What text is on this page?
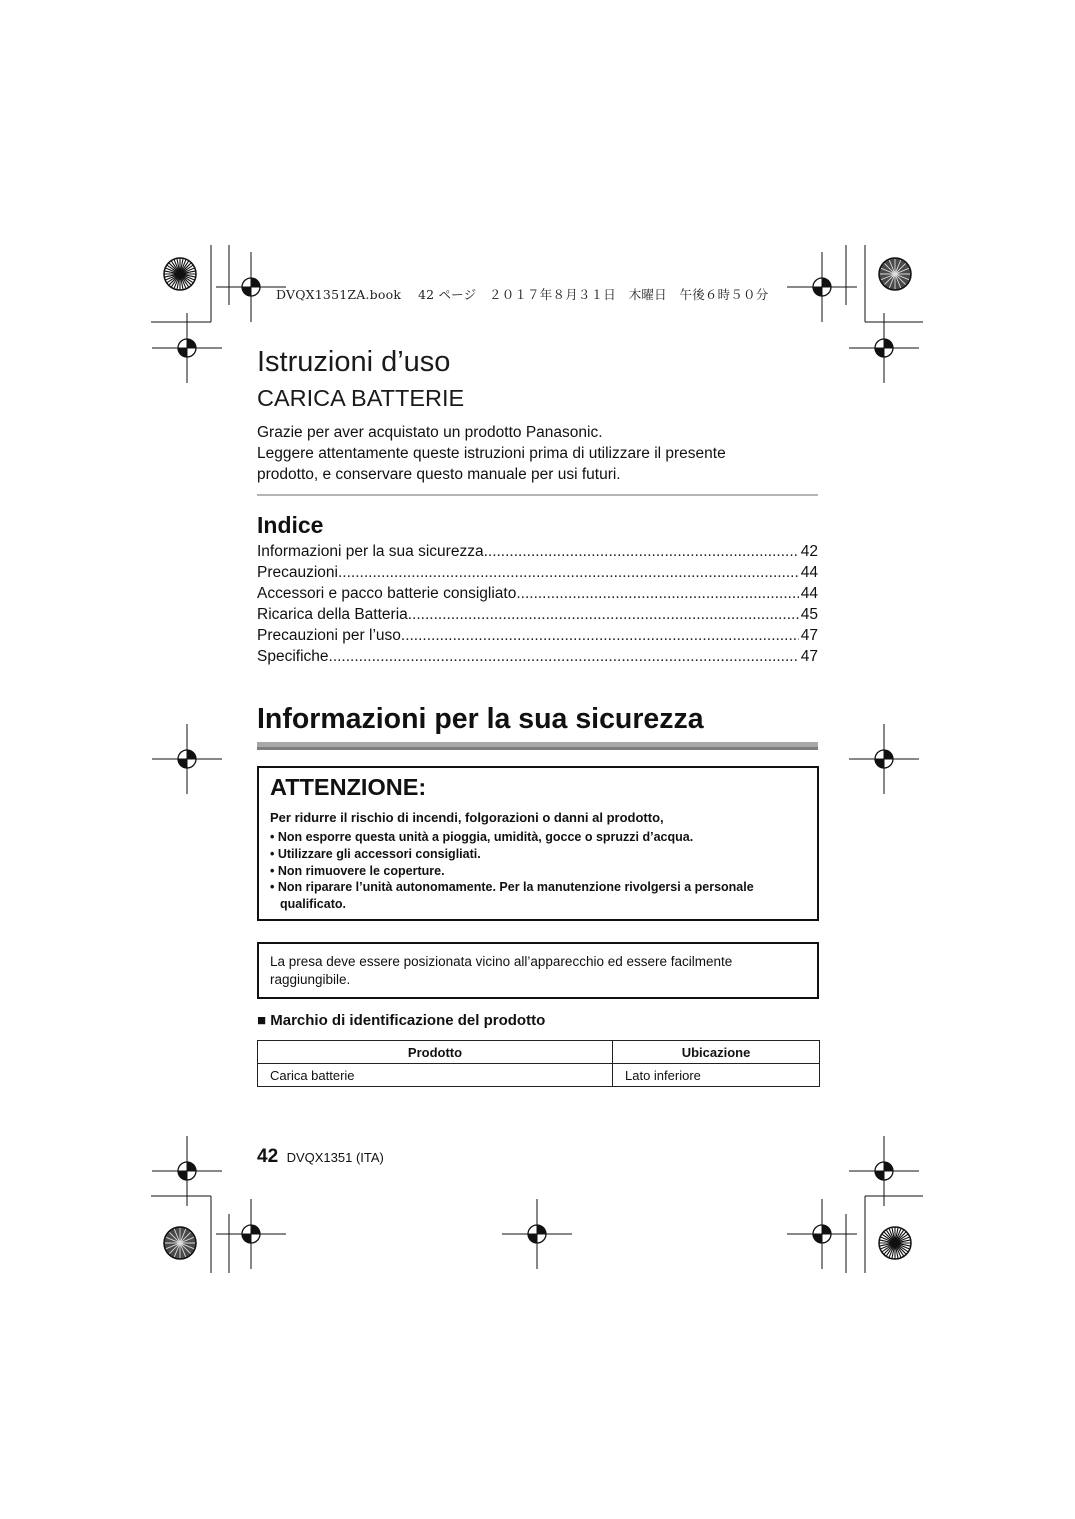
DVQX1351ZA.book　 42 ページ　２０１７年８月３１日　木曜日　午後６時５０分
Istruzioni d’uso
CARICA BATTERIE
Grazie per aver acquistato un prodotto Panasonic.
Leggere attentamente queste istruzioni prima di utilizzare il presente
prodotto, e conservare questo manuale per usi futuri.
Indice
Informazioni per la sua sicurezza .....	42
Precauzioni .....	44
Accessori e pacco batterie consigliato .....	44
Ricarica della Batteria .....	45
Precauzioni per l’uso .....	47
Specifiche .....	47
Informazioni per la sua sicurezza
ATTENZIONE:
Per ridurre il rischio di incendi, folgorazioni o danni al prodotto,
• Non esporre questa unità a pioggia, umidità, gocce o spruzzi d’acqua.
• Utilizzare gli accessori consigliati.
• Non rimuovere le coperture.
• Non riparare l’unità autonomamente. Per la manutenzione rivolgersi a personale qualificato.
La presa deve essere posizionata vicino all’apparecchio ed essere facilmente
raggiungibile.
■ Marchio di identificazione del prodotto
Prodotto	Ubicazione
Carica batterie	Lato inferiore
42 DVQX1351 (ITA)
